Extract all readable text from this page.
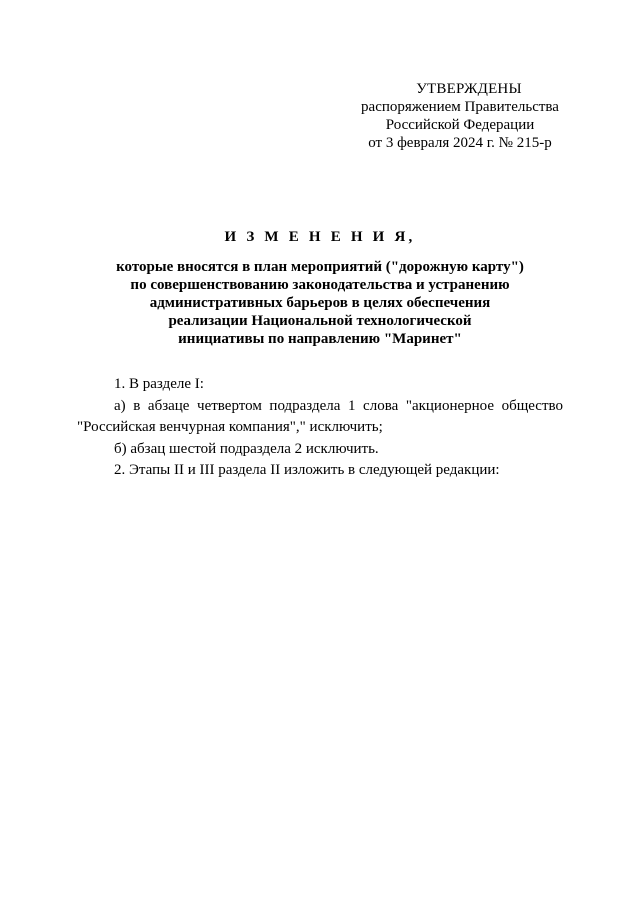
УТВЕРЖДЕНЫ
распоряжением Правительства
Российской Федерации
от 3 февраля 2024 г. № 215-р
И З М Е Н Е Н И Я,
которые вносятся в план мероприятий ("дорожную карту")
по совершенствованию законодательства и устранению
административных барьеров в целях обеспечения
реализации Национальной технологической
инициативы по направлению "Маринет"

1. В разделе I:

а) в абзаце четвертом подраздела 1 слова "акционерное общество

"Российская венчурная компания"," исключить;

б) абзац шестой подраздела 2 исключить.

2. Этапы II и III раздела II изложить в следующей редакции:
